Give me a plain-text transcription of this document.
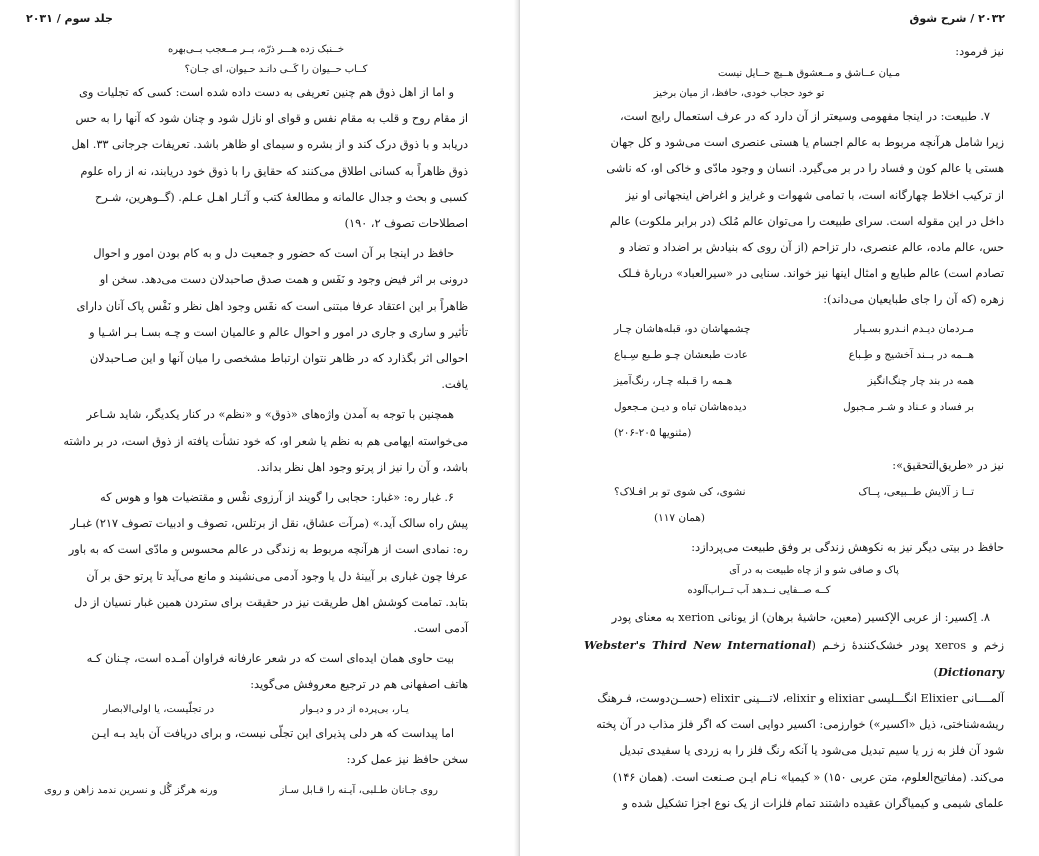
جلد سوم / ۲۰۳۱

خــنبک زده هـــر ذرّه، بــر مــعجب بــی‌بهره

کــاب حــیوان را کَــی دانـد حـیوان، ای جـان؟

و اما از اهل ذوق هم چنین تعریفی به دست داده شده است: کسی که تجلیات وی

از مقام روح و قلب به مقام نفس و قوای او نازل شود و چنان شود که آنها را به حس

دریابد و با ذوق درک کند و از بشره و سیمای او ظاهر باشد. تعریفات جرجانی ۳۳. اهل

ذوق ظاهراً به کسانی اطلاق می‌کنند که حقایق را با ذوق خود دریابند، نه از راه علوم

کسبی و بحث و جدال عالمانه و مطالعهٔ کتب و آثـار اهـل عـلم. (گــوهرین، شـرح

اصطلاحات تصوف ۲، ۱۹۰)

حافظ در اینجا بر آن است که حضور و جمعیت دل و به کام بودن امور و احوال

درونی بر اثر فیض وجود و نَفَس و همت صدق صاحبدلان دست می‌دهد. سخن او

ظاهراً بر این اعتقاد عرفا مبتنی است که نفَس وجود اهل نظر و نَفْس پاک آنان دارای

تأثیر و ساری و جاری در امور و احوال عالم و عالمیان است و چـه بسـا بـر اشـیا و

احوالی اثر بگذارد که در ظاهر نتوان ارتباط مشخصی را میان آنها و این صـاحبدلان

یافت.

همچنین با توجه به آمدن واژه‌های «ذوق» و «نظم» در کنار یکدیگر، شاید شـاعر

می‌خواسته ایهامی هم به نظم یا شعر او، که خود نشأت یافته از ذوق است، در بر داشته

باشد، و آن را نیز از پرتو وجود اهل نظر بداند.

۶. غبار ره: «غبار: حجابی را گویند از آرزوی نفْس و مقتضیات هوا و هوس که

پیش راه سالک آید.» (مرآت عشاق، نقل از برتلس، تصوف و ادبیات تصوف ۲۱۷) غبـار

ره: نمادی است از هرآنچه مربوط به زندگی در عالم محسوس و مادّی است که به باور

عرفا چون غباری بر آیینهٔ دل یا وجود آدمی می‌نشیند و مانع می‌آید تا پرتو حق بر آن

بتابد. تمامت کوشش اهل طریقت نیز در حقیقت برای ستردن همین غبار نسیان از دل

آدمی است.

بیت حاوی همان ایده‌ای است که در شعر عارفانه فراوان آمـده است، چـنان کـه

هاتف اصفهانی هم در ترجیع معروفش می‌گوید:

یـار، بی‌پرده از در و دیـوار
در تجلّیست، یا اولی‌الابصار

اما پیداست که هر دلی پذیرای این تجلّی نیست، و برای دریافت آن باید بـه ایـن

سخن حافظ نیز عمل کرد:

روی جـانان طـلبی، آیـنه را قـابل سـاز
ورنه هرگز گُل و نسرین ندمد زاهن و روی
۲۰۳۲ / شرح شوق

نیز فرمود:

مـیان عــاشق و مــعشوق هــیچ حــایل نیست

تو خود حجاب خودی، حافظ، از میان برخیز

۷. طبیعت: در اینجا مفهومی وسیعتر از آن دارد که در عرف استعمال رایج است،

زیرا شامل هرآنچه مربوط به عالم اجسام یا هستی عنصری است می‌شود و کل جهان

هستی یا عالم کون و فساد را در بر می‌گیرد. انسان و وجود مادّی و خاکی او، که ناشی

از ترکیب اخلاط چهارگانه است، با تمامی شهوات و غرایز و اغراض اینجهانی او نیز

داخل در این مقوله است. سرای طبیعت را می‌توان عالم مُلک (در برابر ملکوت) عالم

حس، عالم ماده، عالم عنصری، دار تزاحم (از آن روی که بنیادش بر اضداد و تضاد و

تصادم است) عالم طبایع و امثال اینها نیز خواند. سنایی در «سیرالعباد» دربارهٔ فـلک

زهره (که آن را جای طبایعیان می‌داند):

مـردمان دیـدم انـدرو بسـیار
چشمهاشان دو، قبله‌هاشان چـار
هــمه در بــند آخشیج و طِـباع
عادت طبعشان چـو طـبع سِـباع
همه در بند چار چنگ‌انگیز
هـمه را قـبله چـار، رنگ‌آمیز
بر فساد و عـناد و شـر مـجبول
دیده‌هاشان تباه و دیـن مـجعول
(مثنویها ۲۰۵-۲۰۶)

نیز در «طریق‌التحقیق»:

تــا ز آلایش طــبیعی، پــاک
نشوی، کی شوی تو بر افـلاک؟
(همان ۱۱۷)

حافظ در بیتی دیگر نیز به نکوهش زندگی بر وفق طبیعت می‌پردازد:

پاک و صافی شو و از چاه طبیعت به در آی

کــه صــفایی نــدهد آب تــراب‌آلوده

۸. اِکسیر: از عربی الإکسیر (معین، حاشیهٔ برهان) از یونانی xerion به معنای پودر

زخم و xeros پودر خشک‌کنندهٔ زخـم (Webster's Third New International Dictionary)

آلمــــانی Elixier انگـــلیسی elixiar و elixir، لاتـــینی elixir (حســن‌دوست، فـرهنگ

ریشه‌شناختی، ذیل «اکسیر») خوارزمی: اکسیر دوایی است که اگر فلز مذاب در آن پخته

شود آن فلز به زر یا سیم تبدیل می‌شود یا آنکه رنگ فلز را به زردی یا سفیدی تبدیل

می‌کند. (مفاتیح‌العلوم، متن عربی ۱۵۰) « کیمیا» نـام ایـن صـنعت است. (همان ۱۴۶)

علمای شیمی و کیمیاگران عقیده داشتند تمام فلزات از یک نوع اجزا تشکیل شده و
